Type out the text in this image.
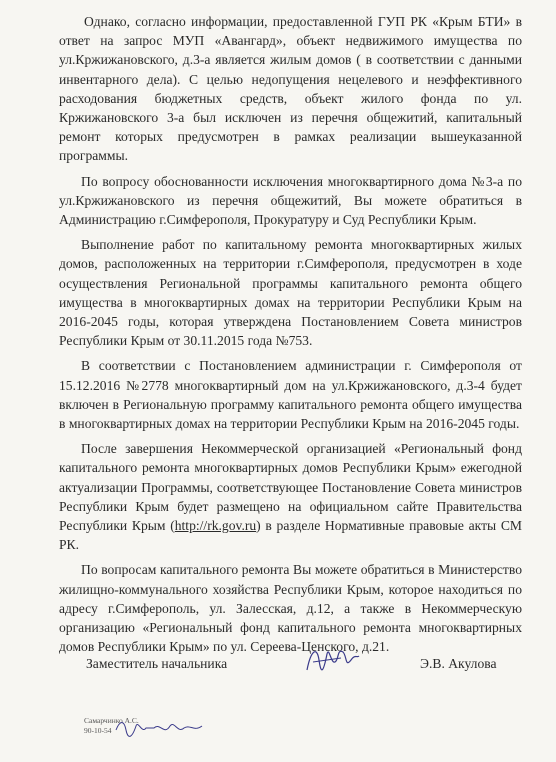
Однако, согласно информации, предоставленной ГУП РК «Крым БТИ» в ответ на запрос МУП «Авангард», объект недвижимого имущества по ул.Кржижановского, д.3-а является жилым домов ( в соответствии с данными инвентарного дела). С целью недопущения нецелевого и неэффективного расходования бюджетных средств, объект жилого фонда по ул. Кржижановского 3-а был исключен из перечня общежитий, капитальный ремонт которых предусмотрен в рамках реализации вышеуказанной программы.

По вопросу обоснованности исключения многоквартирного дома №3-а по ул.Кржижановского из перечня общежитий, Вы можете обратиться в Администрацию г.Симферополя, Прокуратуру и Суд Республики Крым.

Выполнение работ по капитальному ремонта многоквартирных жилых домов, расположенных на территории г.Симферополя, предусмотрен в ходе осуществления Региональной программы капитального ремонта общего имущества в многоквартирных домах на территории Республики Крым на 2016-2045 годы, которая утверждена Постановлением Совета министров Республики Крым от 30.11.2015 года №753.

В соответствии с Постановлением администрации г. Симферополя от 15.12.2016 №2778 многоквартирный дом на ул.Кржижановского, д.3-4 будет включен в Региональную программу капитального ремонта общего имущества в многоквартирных домах на территории Республики Крым на 2016-2045 годы.

После завершения Некоммерческой организацией «Региональный фонд капитального ремонта многоквартирных домов Республики Крым» ежегодной актуализации Программы, соответствующее Постановление Совета министров Республики Крым будет размещено на официальном сайте Правительства Республики Крым (http://rk.gov.ru) в разделе Нормативные правовые акты СМ РК.

По вопросам капитального ремонта Вы можете обратиться в Министерство жилищно-коммунального хозяйства Республики Крым, которое находиться по адресу г.Симферополь, ул. Залесская, д.12, а также в Некоммерческую организацию «Региональный фонд капитального ремонта многоквартирных домов Республики Крым» по ул. Сереева-Ценского, д.21.

Заместитель начальника	Э.В. Акулова
Самарчинко А.С.
90-10-54
